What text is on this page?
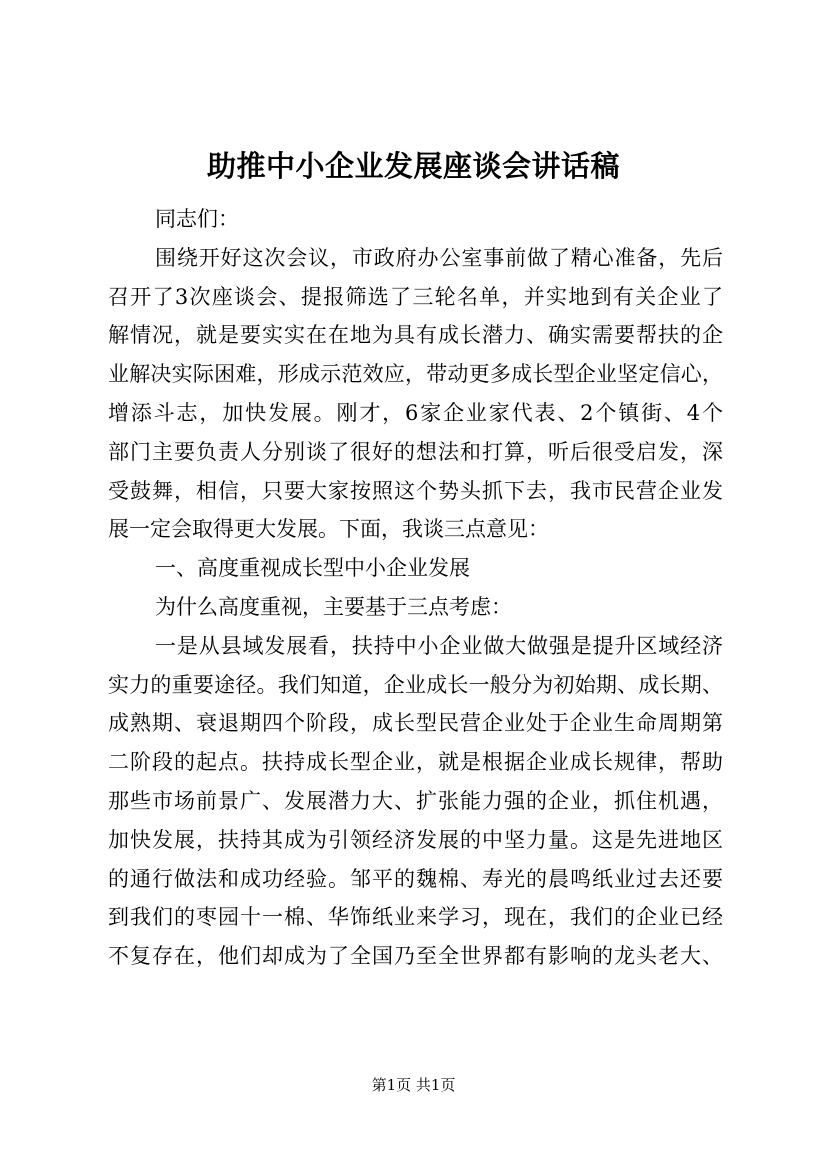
助推中小企业发展座谈会讲话稿
同志们：
围绕开好这次会议，市政府办公室事前做了精心准备，先后
召开了3次座谈会、提报筛选了三轮名单，并实地到有关企业了
解情况，就是要实实在在地为具有成长潜力、确实需要帮扶的企
业解决实际困难，形成示范效应，带动更多成长型企业坚定信心，
增添斗志，加快发展。刚才，6家企业家代表、2个镇街、4个
部门主要负责人分别谈了很好的想法和打算，听后很受启发，深
受鼓舞，相信，只要大家按照这个势头抓下去，我市民营企业发
展一定会取得更大发展。下面，我谈三点意见：
一、高度重视成长型中小企业发展
为什么高度重视，主要基于三点考虑：
一是从县域发展看，扶持中小企业做大做强是提升区域经济
实力的重要途径。我们知道，企业成长一般分为初始期、成长期、
成熟期、衰退期四个阶段，成长型民营企业处于企业生命周期第
二阶段的起点。扶持成长型企业，就是根据企业成长规律，帮助
那些市场前景广、发展潜力大、扩张能力强的企业，抓住机遇，
加快发展，扶持其成为引领经济发展的中坚力量。这是先进地区
的通行做法和成功经验。邹平的魏棉、寿光的晨鸣纸业过去还要
到我们的枣园十一棉、华饰纸业来学习，现在，我们的企业已经
不复存在，他们却成为了全国乃至全世界都有影响的龙头老大、
第1页 共1页
